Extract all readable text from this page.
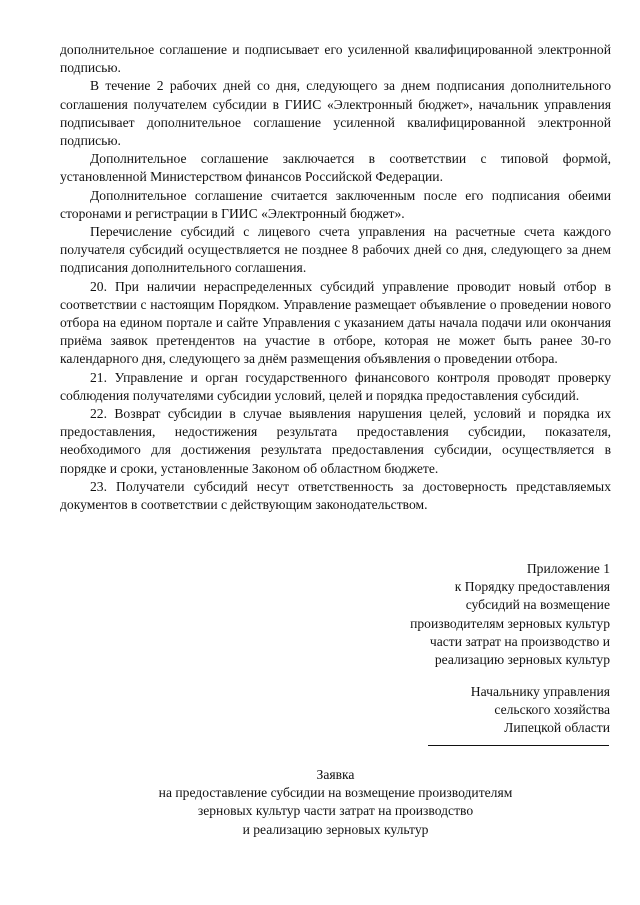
дополнительное соглашение и подписывает его усиленной квалифицированной электронной подписью.

В течение 2 рабочих дней со дня, следующего за днем подписания дополнительного соглашения получателем субсидии в ГИИС «Электронный бюджет», начальник управления подписывает дополнительное соглашение усиленной квалифицированной электронной подписью.

Дополнительное соглашение заключается в соответствии с типовой формой, установленной Министерством финансов Российской Федерации.

Дополнительное соглашение считается заключенным после его подписания обеими сторонами и регистрации в ГИИС «Электронный бюджет».

Перечисление субсидий с лицевого счета управления на расчетные счета каждого получателя субсидий осуществляется не позднее 8 рабочих дней со дня, следующего за днем подписания дополнительного соглашения.

20. При наличии нераспределенных субсидий управление проводит новый отбор в соответствии с настоящим Порядком. Управление размещает объявление о проведении нового отбора на едином портале и сайте Управления с указанием даты начала подачи или окончания приёма заявок претендентов на участие в отборе, которая не может быть ранее 30-го календарного дня, следующего за днём размещения объявления о проведении отбора.

21. Управление и орган государственного финансового контроля проводят проверку соблюдения получателями субсидии условий, целей и порядка предоставления субсидий.

22. Возврат субсидии в случае выявления нарушения целей, условий и порядка их предоставления, недостижения результата предоставления субсидии, показателя, необходимого для достижения результата предоставления субсидии, осуществляется в порядке и сроки, установленные Законом об областном бюджете.

23. Получатели субсидий несут ответственность за достоверность представляемых документов в соответствии с действующим законодательством.

Приложение 1
к Порядку предоставления
субсидий на возмещение
производителям зерновых культур
части затрат на производство и
реализацию зерновых культур
Начальнику управления
сельского хозяйства
Липецкой области
Заявка
на предоставление субсидии на возмещение производителям
зерновых культур части затрат на производство
и реализацию зерновых культур
